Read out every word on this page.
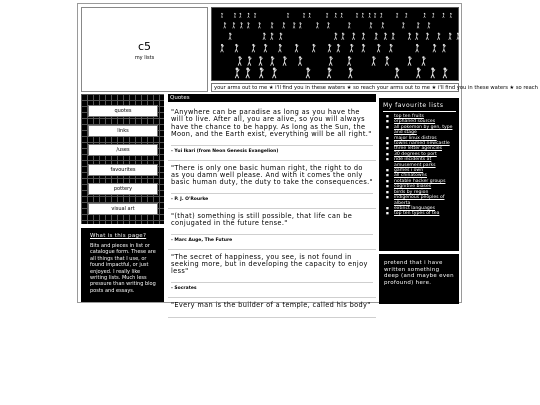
c5
my lists
your arms out to me ★ i'll find you in these waters ★ so reach your arms out to me ★ i'll find you in these waters ★ so reach
quotes
links
/uses
favourites
pottery
visual art
What is this page?
Bits and pieces in list or catalogue form. These are all things that I use, or found impactful, or just enjoyed. I really like writing lists. Much less pressure than writing blog posts and essays.
Quotes
"Anywhere can be paradise as long as you have the will to live. After all, you are alive, so you will always have the chance to be happy. As long as the Sun, the Moon, and the Earth exist, everything will be all right."
- Yui Ikari (from Neon Genesis Evangelion)
"There is only one basic human right, the right to do as you damn well please. And with it comes the only basic human duty, the duty to take the consequences."
- P. J. O'Rourke
"(that) something is still possible, that life can be conjugated in the future tense."
- Marc Auge, The Future
"The secret of happiness, you see, is not found in seeking more, but in developing the capacity to enjoy less"
- Socrates
"Every man is the builder of a temple, called his body"
My favourite lists
■ top ten fruits
■ orphaned sources
■ all pokemon by gen, type and stage
■ major linux distros
■ towns named newcastle
■ three letter agencies
■ 30 degrees to port
■ ride incidents at amusement parks
■ games i own
■ all chinatowns
■ notable hacker groups
■ cognitive biases
■ birds by region
■ indigenous peoples of alberta
■ extinct languages
■ top ten types of tea
pretend that i have written something deep (and maybe even profound) here.
